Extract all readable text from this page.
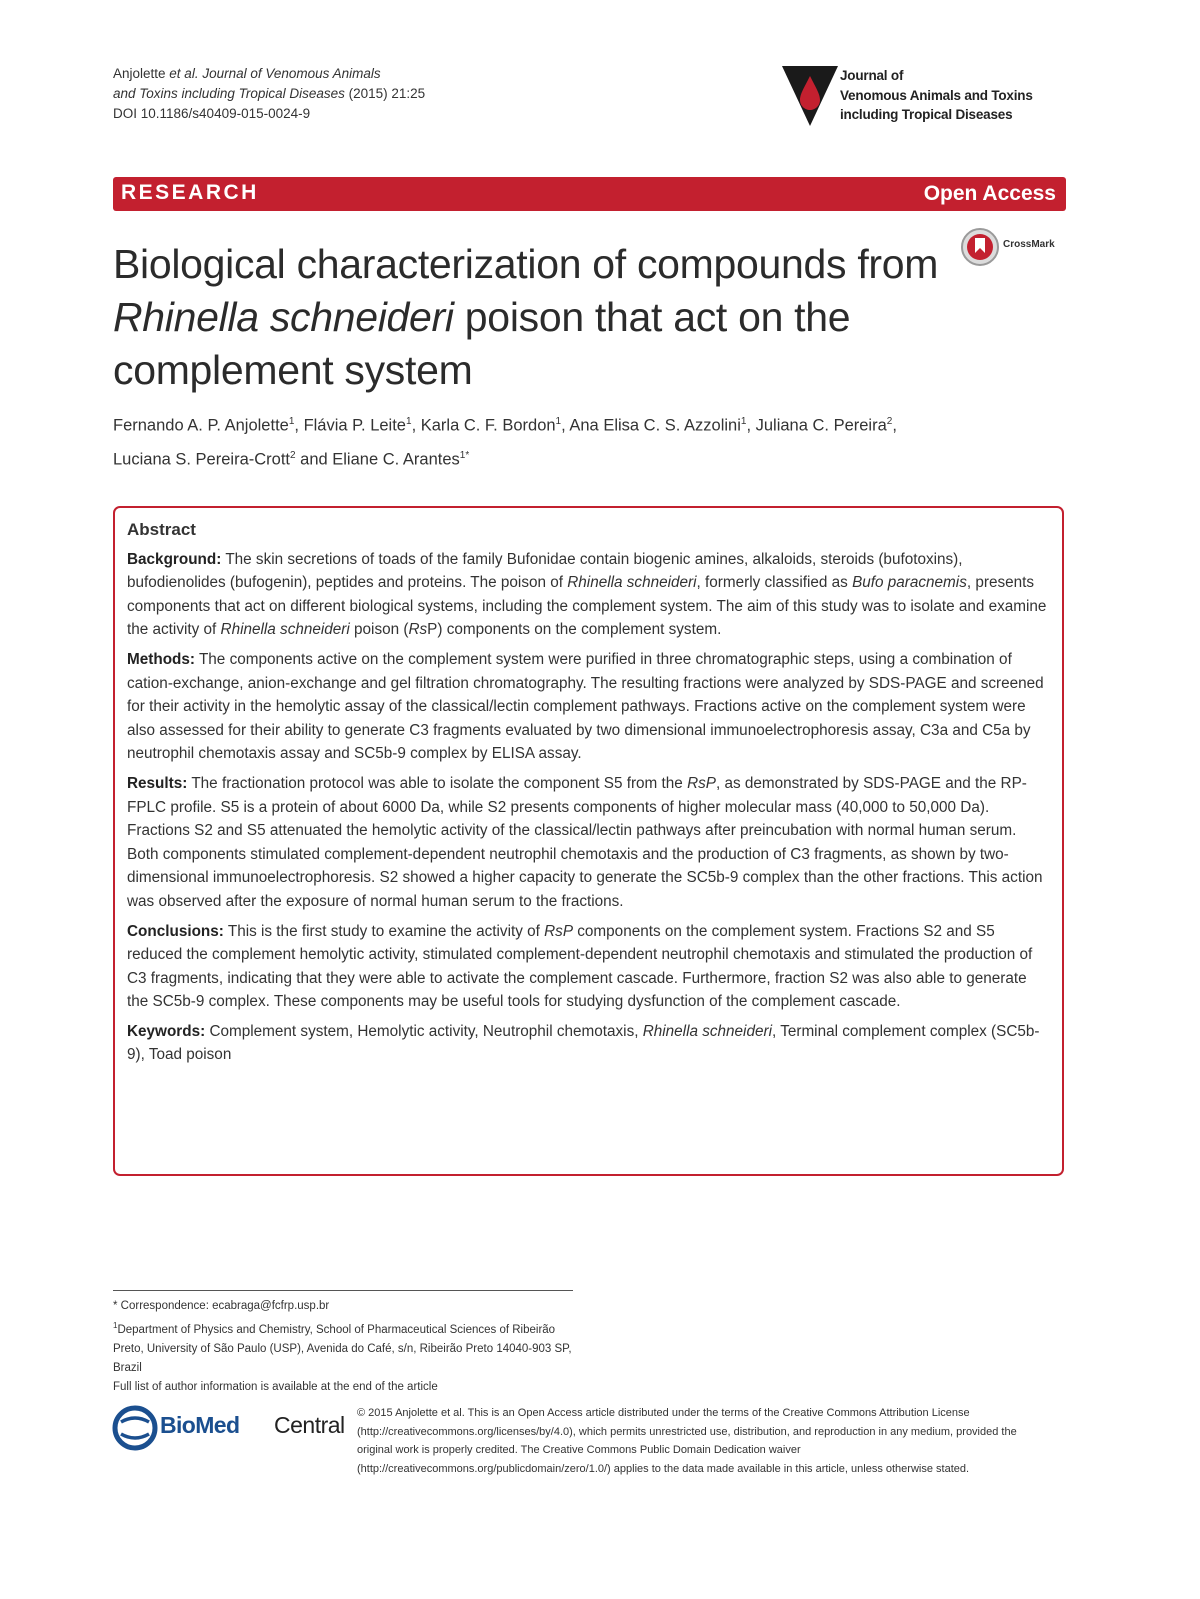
Anjolette et al. Journal of Venomous Animals
and Toxins including Tropical Diseases (2015) 21:25
DOI 10.1186/s40409-015-0024-9
Journal of
Venomous Animals and Toxins
including Tropical Diseases
RESEARCH	Open Access
CrossMark
Biological characterization of compounds from Rhinella schneideri poison that act on the complement system
Fernando A. P. Anjolette$^1$, Flávia P. Leite$^1$, Karla C. F. Bordon$^1$, Ana Elisa C. S. Azzolini$^1$, Juliana C. Pereira$^2$,
Luciana S. Pereira-Crott$^2$ and Eliane C. Arantes$^{1*}$
Abstract

Background: The skin secretions of toads of the family Bufonidae contain biogenic amines, alkaloids, steroids (bufotoxins), bufodienolides (bufogenin), peptides and proteins. The poison of Rhinella schneideri, formerly classified as Bufo paracnemis, presents components that act on different biological systems, including the complement system. The aim of this study was to isolate and examine the activity of Rhinella schneideri poison (RsP) components on the complement system.

Methods: The components active on the complement system were purified in three chromatographic steps, using a combination of cation-exchange, anion-exchange and gel filtration chromatography. The resulting fractions were analyzed by SDS-PAGE and screened for their activity in the hemolytic assay of the classical/lectin complement pathways. Fractions active on the complement system were also assessed for their ability to generate C3 fragments evaluated by two dimensional immunoelectrophoresis assay, C3a and C5a by neutrophil chemotaxis assay and SC5b-9 complex by ELISA assay.

Results: The fractionation protocol was able to isolate the component S5 from the RsP, as demonstrated by SDS-PAGE and the RP-FPLC profile. S5 is a protein of about 6000 Da, while S2 presents components of higher molecular mass (40,000 to 50,000 Da). Fractions S2 and S5 attenuated the hemolytic activity of the classical/lectin pathways after preincubation with normal human serum. Both components stimulated complement-dependent neutrophil chemotaxis and the production of C3 fragments, as shown by two-dimensional immunoelectrophoresis. S2 showed a higher capacity to generate the SC5b-9 complex than the other fractions. This action was observed after the exposure of normal human serum to the fractions.

Conclusions: This is the first study to examine the activity of RsP components on the complement system. Fractions S2 and S5 reduced the complement hemolytic activity, stimulated complement-dependent neutrophil chemotaxis and stimulated the production of C3 fragments, indicating that they were able to activate the complement cascade. Furthermore, fraction S2 was also able to generate the SC5b-9 complex. These components may be useful tools for studying dysfunction of the complement cascade.

Keywords: Complement system, Hemolytic activity, Neutrophil chemotaxis, Rhinella schneideri, Terminal complement complex (SC5b-9), Toad poison

* Correspondence: ecabraga@fcfrp.usp.br
$^1$Department of Physics and Chemistry, School of Pharmaceutical Sciences of Ribeirão Preto, University of São Paulo (USP), Avenida do Café, s/n, Ribeirão Preto 14040-903 SP, Brazil
Full list of author information is available at the end of the article
BioMed Central © 2015 Anjolette et al. This is an Open Access article distributed under the terms of the Creative Commons Attribution License (http://creativecommons.org/licenses/by/4.0), which permits unrestricted use, distribution, and reproduction in any medium, provided the original work is properly credited. The Creative Commons Public Domain Dedication waiver (http://creativecommons.org/publicdomain/zero/1.0/) applies to the data made available in this article, unless otherwise stated.
